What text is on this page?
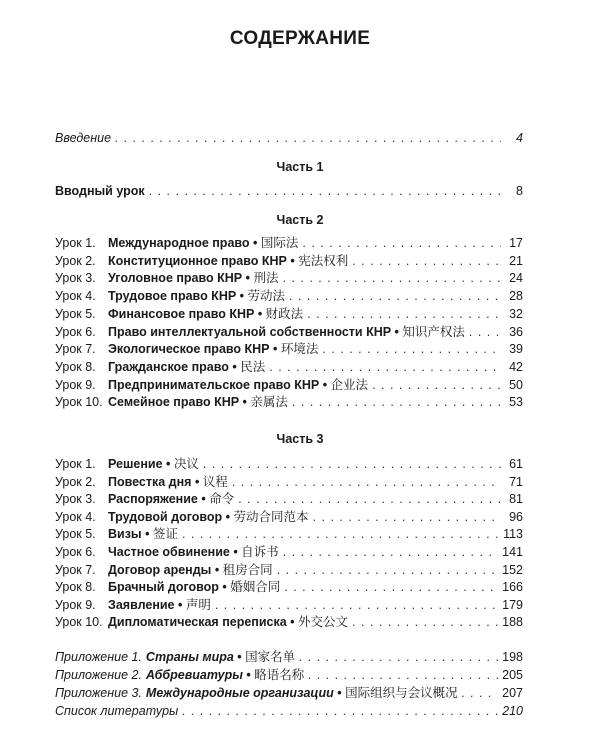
СОДЕРЖАНИЕ
Введение . . .	4
Часть 1
Вводный урок . . .	8
Часть 2
Урок 1. Международное право • 国际法 . . .	17
Урок 2. Конституционное право КНР • 宪法权利 . . .	21
Урок 3. Уголовное право КНР • 刑法 . . .	24
Урок 4. Трудовое право КНР • 劳动法 . . .	28
Урок 5. Финансовое право КНР • 财政法 . . .	32
Урок 6. Право интеллектуальной собственности КНР • 知识产权法 . . .	36
Урок 7. Экологическое право КНР • 环境法 . . .	39
Урок 8. Гражданское право • 民法 . . .	42
Урок 9. Предпринимательское право КНР • 企业法 . . .	50
Урок 10. Семейное право КНР • 亲属法 . . .	53
Часть 3
Урок 1. Решение • 决议 . . .	61
Урок 2. Повестка дня • 议程 . . .	71
Урок 3. Распоряжение • 命令 . . .	81
Урок 4. Трудовой договор • 劳动合同范本 . . .	96
Урок 5. Визы • 签证 . . .	113
Урок 6. Частное обвинение • 自诉书 . . .	141
Урок 7. Договор аренды • 租房合同 . . .	152
Урок 8. Брачный договор • 婚姻合同 . . .	166
Урок 9. Заявление • 声明 . . .	179
Урок 10. Дипломатическая переписка • 外交公文 . . .	188
Приложение 1. Страны мира • 国家名单 . . .	198
Приложение 2. Аббревиатуры • 略语名称 . . .	205
Приложение 3. Международные организации • 国际组织与会议概况 . . .	207
Список литературы . . .	210
